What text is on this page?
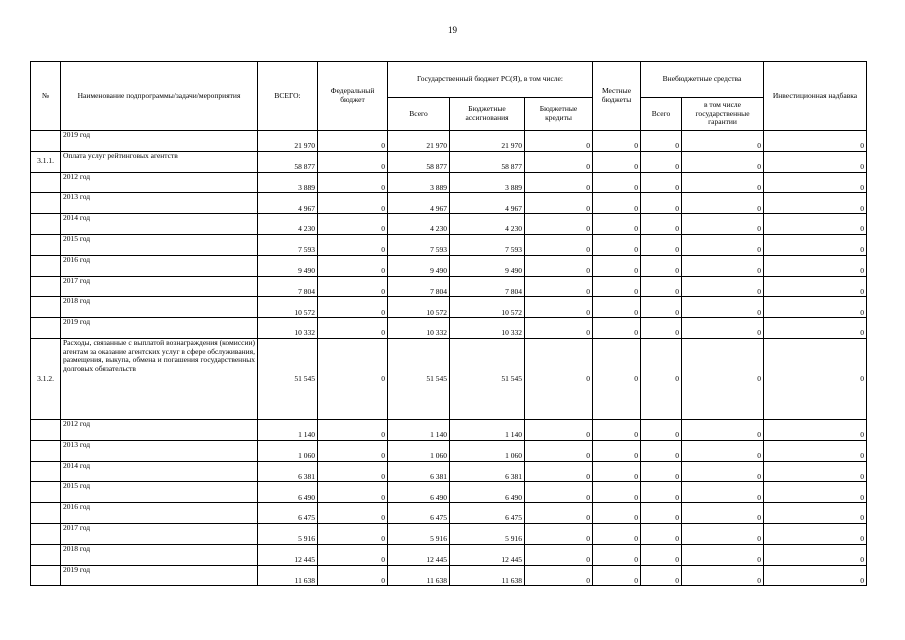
19
№	Наименование подпрограммы/задачи/мероприятия	ВСЕГО:	Федеральный бюджет	Государственный бюджет РС(Я), в том числе:			Местные бюджеты	Внебюджетные средства		Инвестиционная надбавка
				Всего	Бюджетные ассигнования	Бюджетные кредиты		Всего	в том числе государственные гарантии	
	2019 год	21 970	0	21 970	21 970	0	0	0	0	0
3.1.1.	Оплата услуг рейтинговых агентств	58 877	0	58 877	58 877	0	0	0	0	0
	2012 год	3 889	0	3 889	3 889	0	0	0	0	0
	2013 год	4 967	0	4 967	4 967	0	0	0	0	0
	2014 год	4 230	0	4 230	4 230	0	0	0	0	0
	2015 год	7 593	0	7 593	7 593	0	0	0	0	0
	2016 год	9 490	0	9 490	9 490	0	0	0	0	0
	2017 год	7 804	0	7 804	7 804	0	0	0	0	0
	2018 год	10 572	0	10 572	10 572	0	0	0	0	0
	2019 год	10 332	0	10 332	10 332	0	0	0	0	0
3.1.2.	Расходы, связанные с выплатой вознаграждения (комиссии) агентам за оказание агентских услуг в сфере обслуживания, размещения, выкупа, обмена и погашения государственных долговых обязательств	51 545	0	51 545	51 545	0	0	0	0	0
	2012 год	1 140	0	1 140	1 140	0	0	0	0	0
	2013 год	1 060	0	1 060	1 060	0	0	0	0	0
	2014 год	6 381	0	6 381	6 381	0	0	0	0	0
	2015 год	6 490	0	6 490	6 490	0	0	0	0	0
	2016 год	6 475	0	6 475	6 475	0	0	0	0	0
	2017 год	5 916	0	5 916	5 916	0	0	0	0	0
	2018 год	12 445	0	12 445	12 445	0	0	0	0	0
	2019 год	11 638	0	11 638	11 638	0	0	0	0	0
